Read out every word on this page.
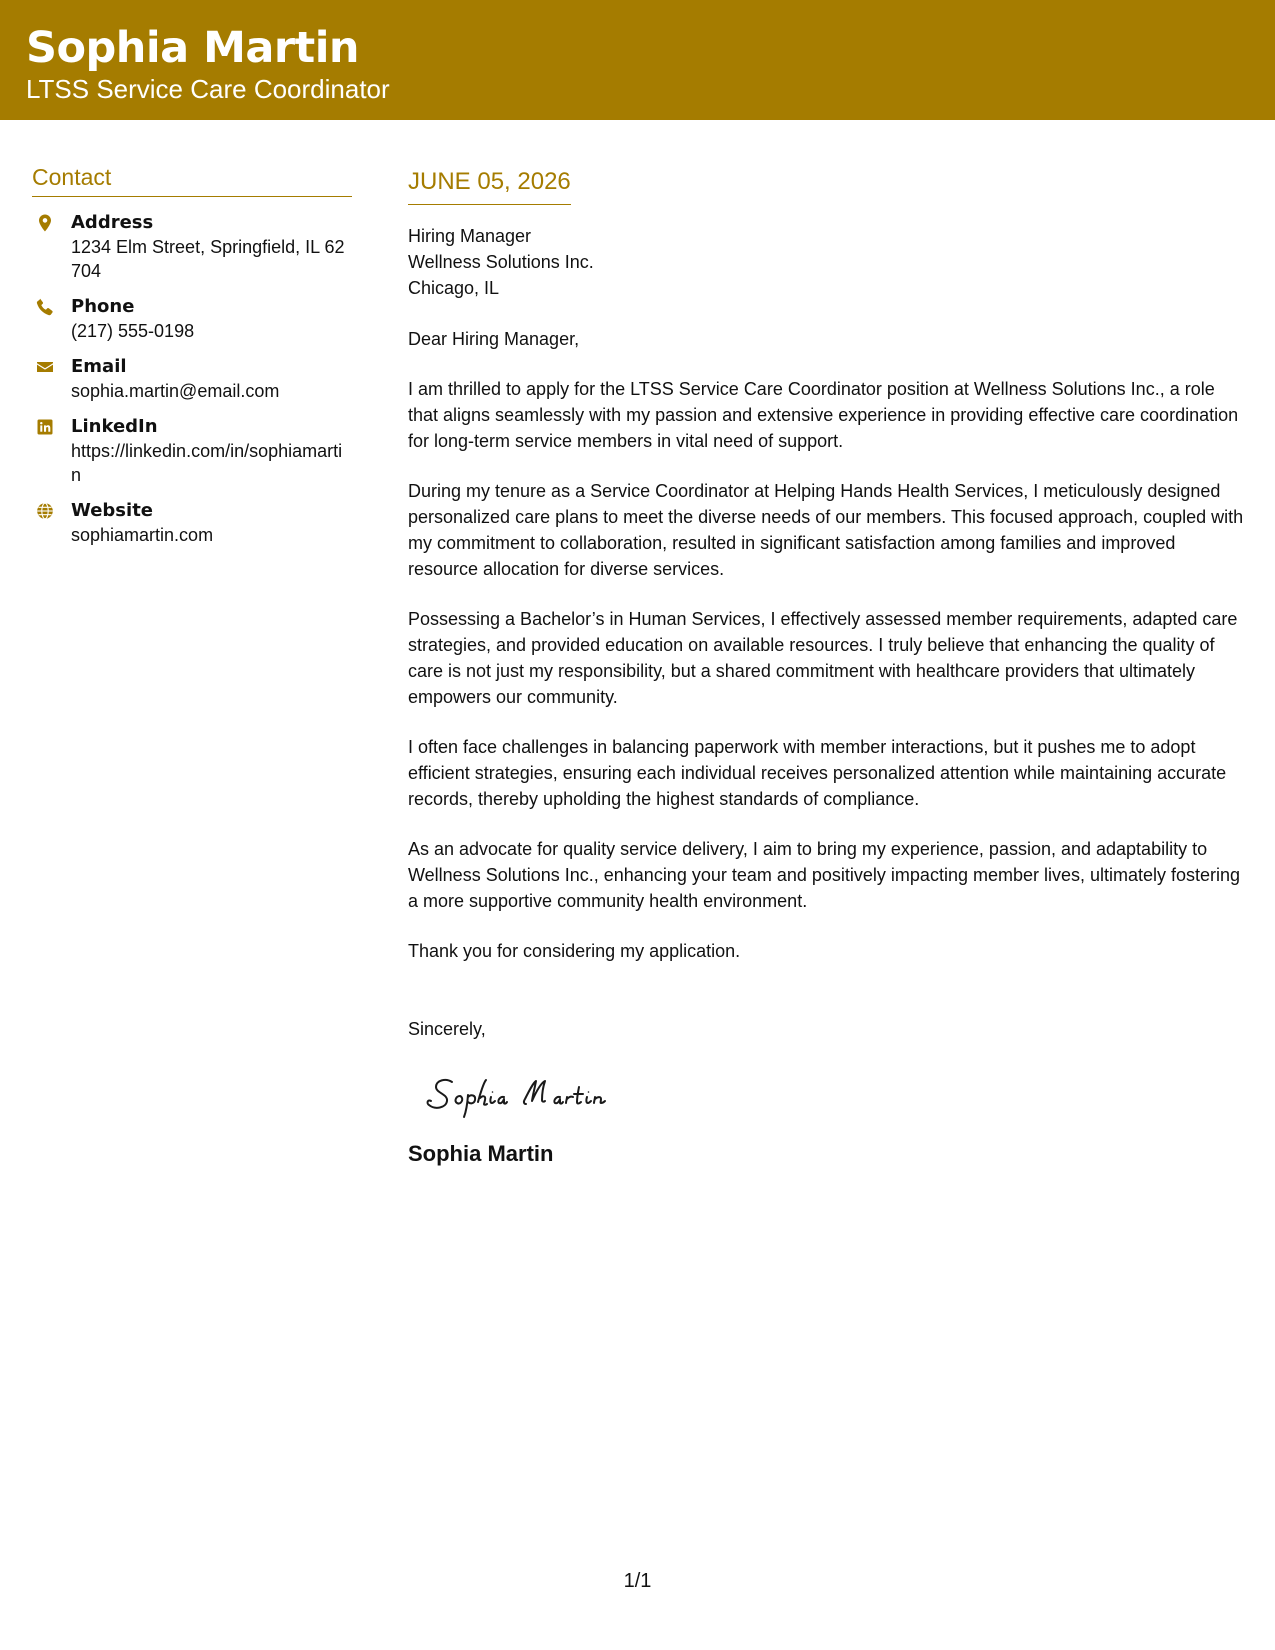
Sophia Martin
LTSS Service Care Coordinator
Contact
Address
1234 Elm Street, Springfield, IL 62704
Phone
(217) 555-0198
Email
sophia.martin@email.com
LinkedIn
https://linkedin.com/in/sophiamartin
Website
sophiamartin.com
JUNE 05, 2026
Hiring Manager
Wellness Solutions Inc.
Chicago, IL
Dear Hiring Manager,

I am thrilled to apply for the LTSS Service Care Coordinator position at Wellness Solutions Inc., a role that aligns seamlessly with my passion and extensive experience in providing effective care coordination for long-term service members in vital need of support.

During my tenure as a Service Coordinator at Helping Hands Health Services, I meticulously designed personalized care plans to meet the diverse needs of our members. This focused approach, coupled with my commitment to collaboration, resulted in significant satisfaction among families and improved resource allocation for diverse services.

Possessing a Bachelor’s in Human Services, I effectively assessed member requirements, adapted care strategies, and provided education on available resources. I truly believe that enhancing the quality of care is not just my responsibility, but a shared commitment with healthcare providers that ultimately empowers our community.

I often face challenges in balancing paperwork with member interactions, but it pushes me to adopt efficient strategies, ensuring each individual receives personalized attention while maintaining accurate records, thereby upholding the highest standards of compliance.

As an advocate for quality service delivery, I aim to bring my experience, passion, and adaptability to Wellness Solutions Inc., enhancing your team and positively impacting member lives, ultimately fostering a more supportive community health environment.

Thank you for considering my application.

Sincerely,
Sophia Martin
1/1
